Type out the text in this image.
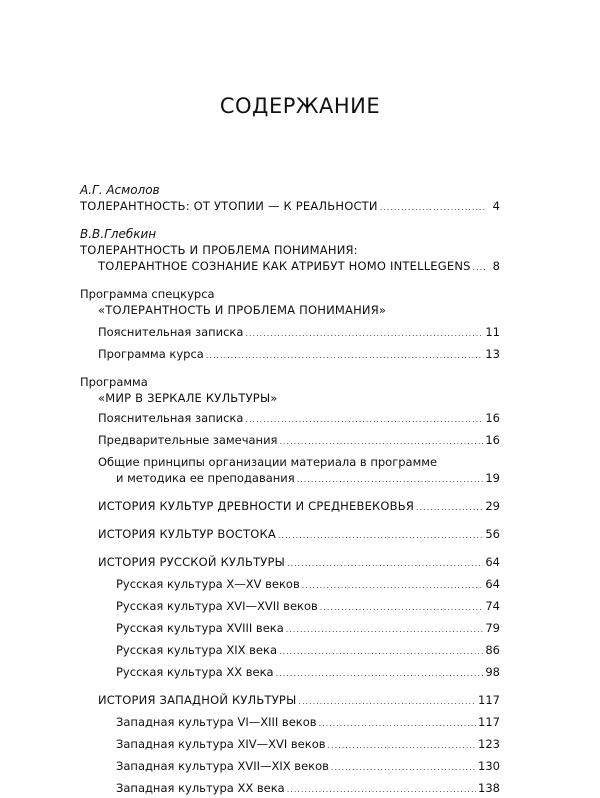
СОДЕРЖАНИЕ
А.Г. Асмолов
ТОЛЕРАНТНОСТЬ: ОТ УТОПИИ — К РЕАЛЬНОСТИ .....	4
В.В.Глебкин
ТОЛЕРАНТНОСТЬ И ПРОБЛЕМА ПОНИМАНИЯ:
ТОЛЕРАНТНОЕ СОЗНАНИЕ КАК АТРИБУТ HOMO INTELLEGENS .....	8
Программа спецкурса
«ТОЛЕРАНТНОСТЬ И ПРОБЛЕМА ПОНИМАНИЯ»
Пояснительная записка .....	11
Программа курса .....	13
Программа
«МИР В ЗЕРКАЛЕ КУЛЬТУРЫ»
Пояснительная записка .....	16
Предварительные замечания .....	16
Общие принципы организации материала в программе
и методика ее преподавания .....	19
ИСТОРИЯ КУЛЬТУР ДРЕВНОСТИ И СРЕДНЕВЕКОВЬЯ .....	29
ИСТОРИЯ КУЛЬТУР ВОСТОКА .....	56
ИСТОРИЯ РУССКОЙ КУЛЬТУРЫ .....	64
Русская культура X—XV веков .....	64
Русская культура XVI—XVII веков .....	74
Русская культура XVIII века .....	79
Русская культура XIX века .....	86
Русская культура XX века .....	98
ИСТОРИЯ ЗАПАДНОЙ КУЛЬТУРЫ .....	117
Западная культура VI—XIII веков .....	117
Западная культура XIV—XVI веков .....	123
Западная культура XVII—XIX веков .....	130
Западная культура XX века .....	138
